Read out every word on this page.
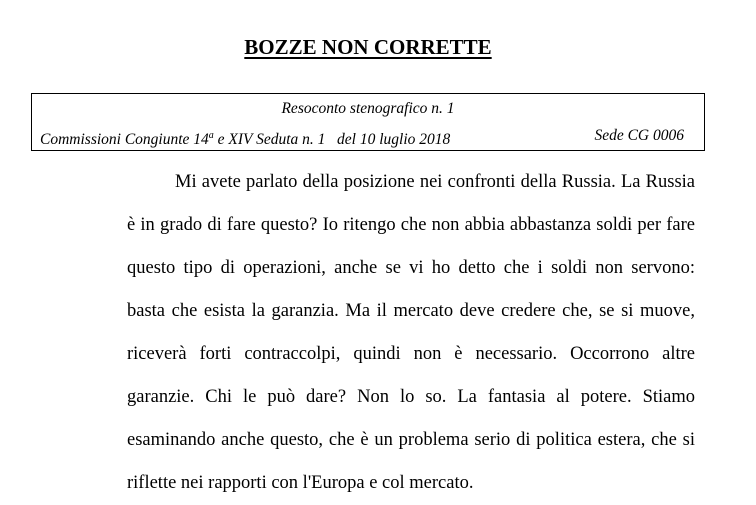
BOZZE NON CORRETTE
Resoconto stenografico n. 1
Commissioni Congiunte 14$^a$ e XIV Seduta n. 1   del 10 luglio 2018	Sede CG 0006
Mi avete parlato della posizione nei confronti della Russia. La Russia
è in grado di fare questo? Io ritengo che non abbia abbastanza soldi per fare
questo tipo di operazioni, anche se vi ho detto che i soldi non servono:
basta che esista la garanzia. Ma il mercato deve credere che, se si muove,
riceverà forti contraccolpi, quindi non è necessario. Occorrono altre
garanzie. Chi le può dare? Non lo so. La fantasia al potere. Stiamo
esaminando anche questo, che è un problema serio di politica estera, che si
riflette nei rapporti con l'Europa e col mercato.
